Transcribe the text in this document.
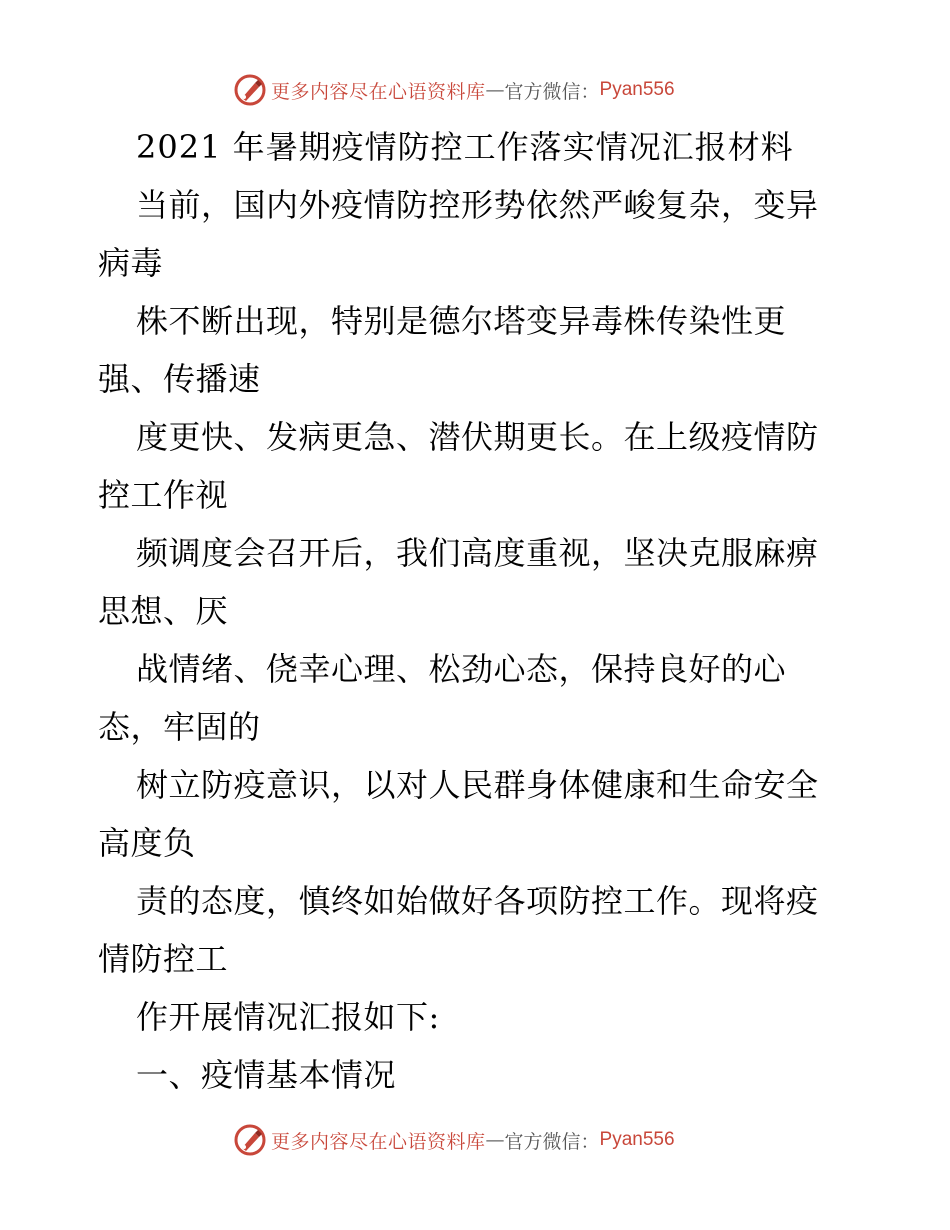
更多内容尽在心语资料库 — 官方微信： Pyan556
2021 年暑期疫情防控工作落实情况汇报材料
当前，国内外疫情防控形势依然严峻复杂，变异
病毒
株不断出现，特别是德尔塔变异毒株传染性更
强、传播速
度更快、发病更急、潜伏期更长。在上级疫情防
控工作视
频调度会召开后，我们高度重视，坚决克服麻痹
思想、厌
战情绪、侥幸心理、松劲心态，保持良好的心
态，牢固的
树立防疫意识，以对人民群身体健康和生命安全
高度负
责的态度，慎终如始做好各项防控工作。现将疫
情防控工
作开展情况汇报如下:
一、疫情基本情况
更多内容尽在心语资料库 — 官方微信： Pyan556
